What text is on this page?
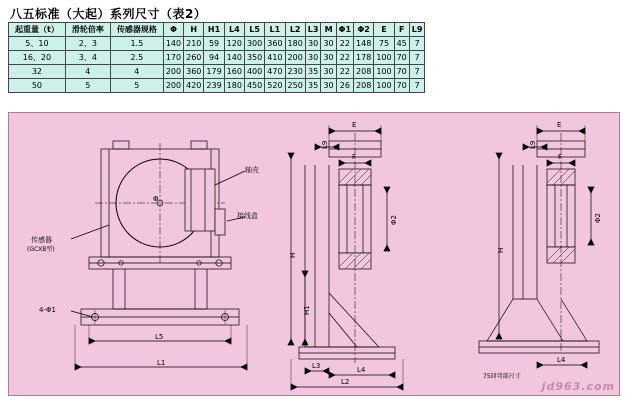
八五标准（大起）系列尺寸（表2）
起重量（t）	滑轮倍率	传感器规格	Φ	H	H1	L4	L5	L1	L2	L3	M	Φ1	Φ2	E	F	L9
5、10	2、3	1.5	140	210	59	120	300	360	180	30	30	22	148	75	45	7
16、20	3、4	2.5	170	260	94	140	350	410	200	30	30	22	178	100	70	7
32	4	4	200	360	179	160	400	470	230	35	30	22	208	100	70	7
50	5	5	200	420	239	180	450	520	250	35	30	26	208	100	70	7
轴壳
接线盒
传感器
(GCXB型)
4-Φ1
Φ
L5
L1
E
F
L9
Φ2
H
H1
L3	L4
L2
E
F
L9
Φ2
H
L4
75回弯部尺寸
jd963.com
